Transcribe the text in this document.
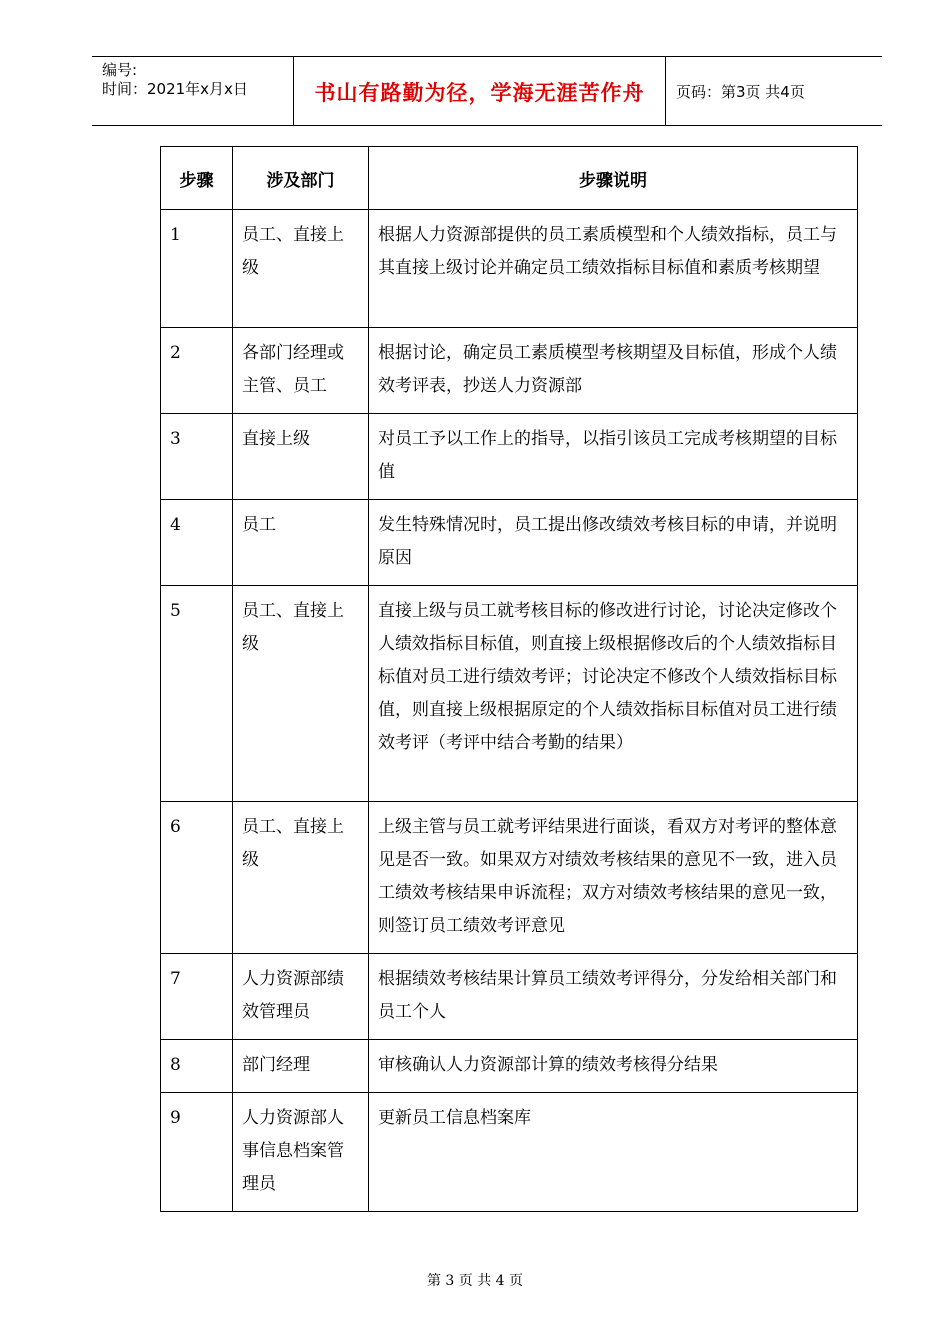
编号:
时间：2021年x月x日	书山有路勤为径，学海无涯苦作舟	页码：第3页 共4页
步骤	涉及部门	步骤说明
1	员工、直接上级	根据人力资源部提供的员工素质模型和个人绩效指标，员工与其直接上级讨论并确定员工绩效指标目标值和素质考核期望
2	各部门经理或主管、员工	根据讨论，确定员工素质模型考核期望及目标值，形成个人绩效考评表，抄送人力资源部
3	直接上级	对员工予以工作上的指导，以指引该员工完成考核期望的目标值
4	员工	发生特殊情况时，员工提出修改绩效考核目标的申请，并说明原因
5	员工、直接上级	直接上级与员工就考核目标的修改进行讨论，讨论决定修改个人绩效指标目标值，则直接上级根据修改后的个人绩效指标目标值对员工进行绩效考评；讨论决定不修改个人绩效指标目标值，则直接上级根据原定的个人绩效指标目标值对员工进行绩效考评（考评中结合考勤的结果）
6	员工、直接上级	上级主管与员工就考评结果进行面谈，看双方对考评的整体意见是否一致。如果双方对绩效考核结果的意见不一致，进入员工绩效考核结果申诉流程；双方对绩效考核结果的意见一致，则签订员工绩效考评意见
7	人力资源部绩效管理员	根据绩效考核结果计算员工绩效考评得分，分发给相关部门和员工个人
8	部门经理	审核确认人力资源部计算的绩效考核得分结果
9	人力资源部人事信息档案管理员	更新员工信息档案库
第 3 页 共 4 页
